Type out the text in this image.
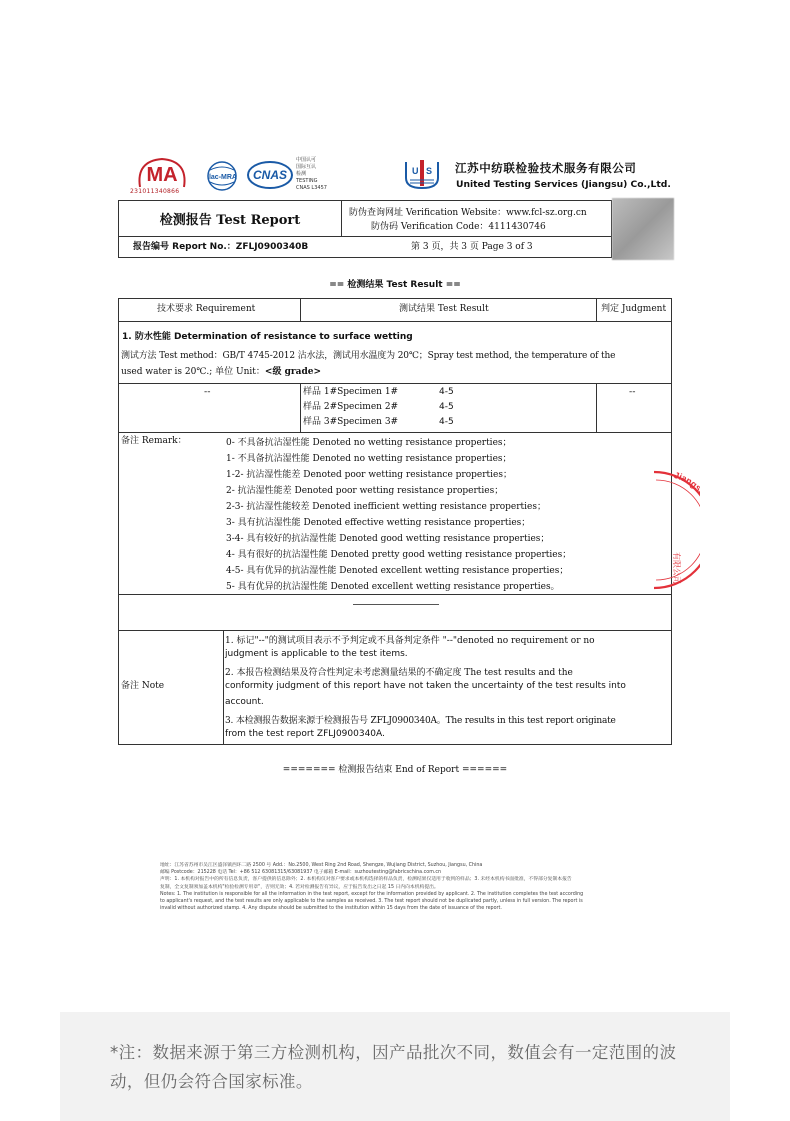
MA
231011340866
ilac-MRA CNAS
中国认可
国际互认
检测
TESTING
CNAS L3457
U S 江苏中纺联检验技术服务有限公司
United Testing Services (Jiangsu) Co.,Ltd.
检测报告 Test Report	防伪查询网址 Verification Website：www.fcl-sz.org.cn
防伪码 Verification Code：4111430746
报告编号 Report No.：ZFLJ0900340B	第 3 页，共 3 页 Page 3 of 3
== 检测结果 Test Result ==
技术要求 Requirement	测试结果 Test Result	判定 Judgment
1. 防水性能 Determination of resistance to surface wetting
测试方法 Test method：GB/T 4745-2012 沾水法，测试用水温度为 20℃；Spray test method, the temperature of the
used water is 20℃.; 单位 Unit：<级 grade>
--	样品 1#Specimen 1#	4-5
样品 2#Specimen 2#	4-5
样品 3#Specimen 3#	4-5
--
备注 Remark：	0- 不具备抗沾湿性能 Denoted no wetting resistance properties；
1- 不具备抗沾湿性能 Denoted no wetting resistance properties；
1-2- 抗沾湿性能差 Denoted poor wetting resistance properties；
2- 抗沾湿性能差 Denoted poor wetting resistance properties；
2-3- 抗沾湿性能较差 Denoted inefficient wetting resistance properties；
3- 具有抗沾湿性能 Denoted effective wetting resistance properties；
3-4- 具有较好的抗沾湿性能 Denoted good wetting resistance properties；
4- 具有很好的抗沾湿性能 Denoted pretty good wetting resistance properties；
4-5- 具有优异的抗沾湿性能 Denoted excellent wetting resistance properties；
5- 具有优异的抗沾湿性能 Denoted excellent wetting resistance properties。
备注 Note
1. 标记"--"的测试项目表示不予判定或不具备判定条件 "--"denoted no requirement or no
judgment is applicable to the test items.
2. 本报告检测结果及符合性判定未考虑测量结果的不确定度 The test results and the
conformity judgment of this report have not taken the uncertainty of the test results into
account.
3. 本检测报告数据来源于检测报告号 ZFLJ0900340A。The results in this test report originate
from the test report ZFLJ0900340A.
Jiang
有限公司
======= 检测报告结束 End of Report ======
地址：江苏省苏州市吴江区盛泽镇西环二路 2500 号 Add.：No.2500, West Ring 2nd Road, Shengze, Wujiang District, Suzhou, Jiangsu, China
邮编 Postcode：215228 电话 Tel：+86 512 63081315/63081937 电子邮箱 E-mail：suzhoutesting@fabricschina.com.cn
声明：1. 本机构对报告中的所有信息负责，客户提供的信息除外；2. 本机构仅对客户要求或本机构选择的样品负责，检测结果仅适用于收到的样品；3. 未经本机构书面批准，不得部分复制本报告
复制，全文复制须加盖本机构"检验检测专用章"，否则无效；4. 若对检测报告有异议，应于报告发出之日起 15 日内向本机构提出。
Notes: 1. The institution is responsible for all the information in the test report, except for the information provided by applicant. 2. The institution completes the test according
to applicant's request, and the test results are only applicable to the samples as received. 3. The test report should not be duplicated partly, unless in full version. The report is
invalid without authorized stamp. 4. Any dispute should be submitted to the institution within 15 days from the date of issuance of the report.
*注：数据来源于第三方检测机构，因产品批次不同，数值会有一定范围的波动，但仍会符合国家标准。
